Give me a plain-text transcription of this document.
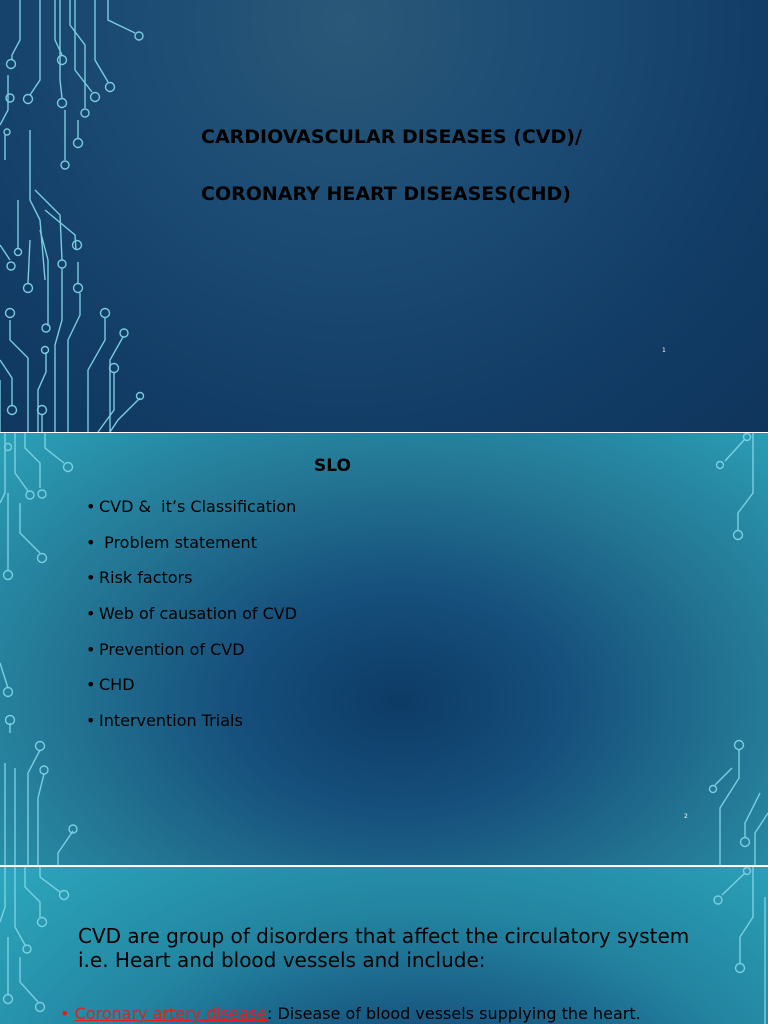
CARDIOVASCULAR DISEASES (CVD)/

CORONARY HEART DISEASES(CHD)

1

SLO

• CVD &  it’s Classification
• Problem statement
• Risk factors
• Web of causation of CVD
• Prevention of CVD
• CHD
• Intervention Trials
2

CVD are group of disorders that affect the circulatory system i.e. Heart and blood vessels and include:

• Coronary artery disease: Disease of blood vessels supplying the heart.
